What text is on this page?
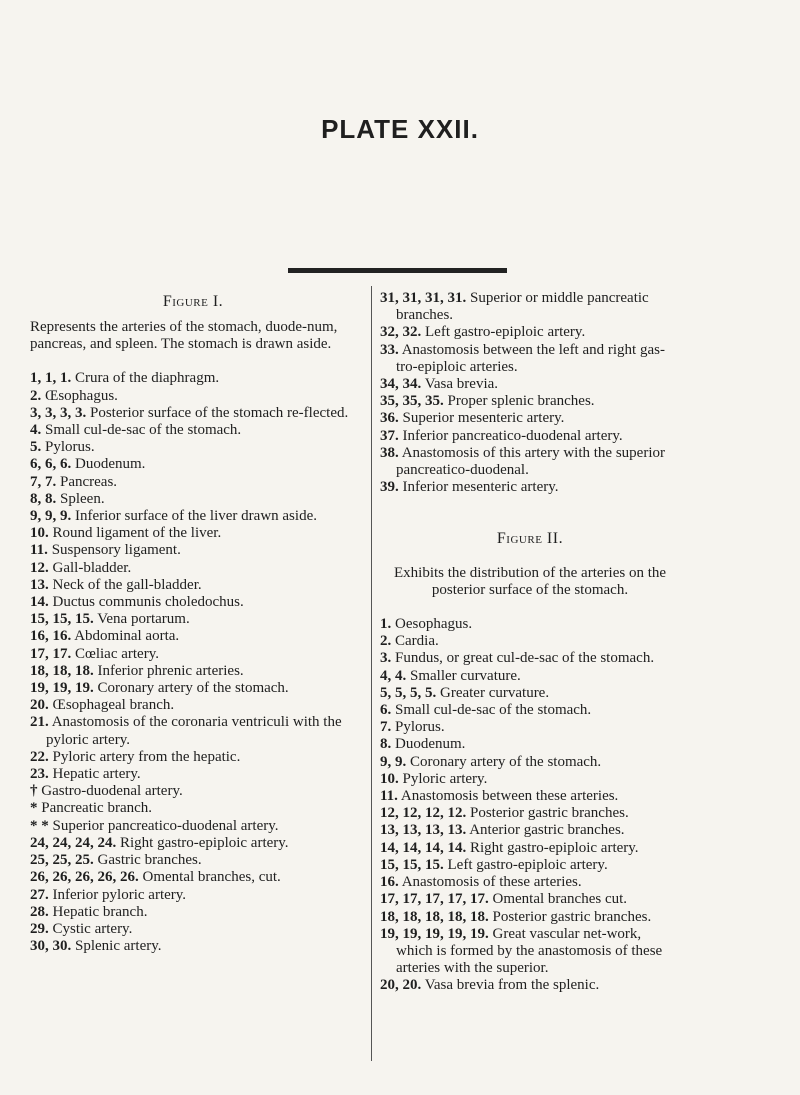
PLATE XXII.

Figure I.

Represents the arteries of the stomach, duode-num, pancreas, and spleen. The stomach is drawn aside.

1, 1, 1. Crura of the diaphragm.

2. Œsophagus.

3, 3, 3, 3. Posterior surface of the stomach re-flected.

4. Small cul-de-sac of the stomach.

5. Pylorus.

6, 6, 6. Duodenum.

7, 7. Pancreas.

8, 8. Spleen.

9, 9, 9. Inferior surface of the liver drawn aside.

10. Round ligament of the liver.

11. Suspensory ligament.

12. Gall-bladder.

13. Neck of the gall-bladder.

14. Ductus communis choledochus.

15, 15, 15. Vena portarum.

16, 16. Abdominal aorta.

17, 17. Cœliac artery.

18, 18, 18. Inferior phrenic arteries.

19, 19, 19. Coronary artery of the stomach.

20. Œsophageal branch.

21. Anastomosis of the coronaria ventriculi with the pyloric artery.

22. Pyloric artery from the hepatic.

23. Hepatic artery.

† Gastro-duodenal artery.

* Pancreatic branch.

* * Superior pancreatico-duodenal artery.

24, 24, 24, 24. Right gastro-epiploic artery.

25, 25, 25. Gastric branches.

26, 26, 26, 26, 26. Omental branches, cut.

27. Inferior pyloric artery.

28. Hepatic branch.

29. Cystic artery.

30, 30. Splenic artery.

31, 31, 31, 31. Superior or middle pancreatic branches.

32, 32. Left gastro-epiploic artery.

33. Anastomosis between the left and right gas-tro-epiploic arteries.

34, 34. Vasa brevia.

35, 35, 35. Proper splenic branches.

36. Superior mesenteric artery.

37. Inferior pancreatico-duodenal artery.

38. Anastomosis of this artery with the superior pancreatico-duodenal.

39. Inferior mesenteric artery.

Figure II.

Exhibits the distribution of the arteries on the posterior surface of the stomach.

1. Oesophagus.

2. Cardia.

3. Fundus, or great cul-de-sac of the stomach.

4, 4. Smaller curvature.

5, 5, 5, 5. Greater curvature.

6. Small cul-de-sac of the stomach.

7. Pylorus.

8. Duodenum.

9, 9. Coronary artery of the stomach.

10. Pyloric artery.

11. Anastomosis between these arteries.

12, 12, 12, 12. Posterior gastric branches.

13, 13, 13, 13. Anterior gastric branches.

14, 14, 14, 14. Right gastro-epiploic artery.

15, 15, 15. Left gastro-epiploic artery.

16. Anastomosis of these arteries.

17, 17, 17, 17, 17. Omental branches cut.

18, 18, 18, 18, 18. Posterior gastric branches.

19, 19, 19, 19, 19. Great vascular net-work, which is formed by the anastomosis of these arteries with the superior.

20, 20. Vasa brevia from the splenic.
